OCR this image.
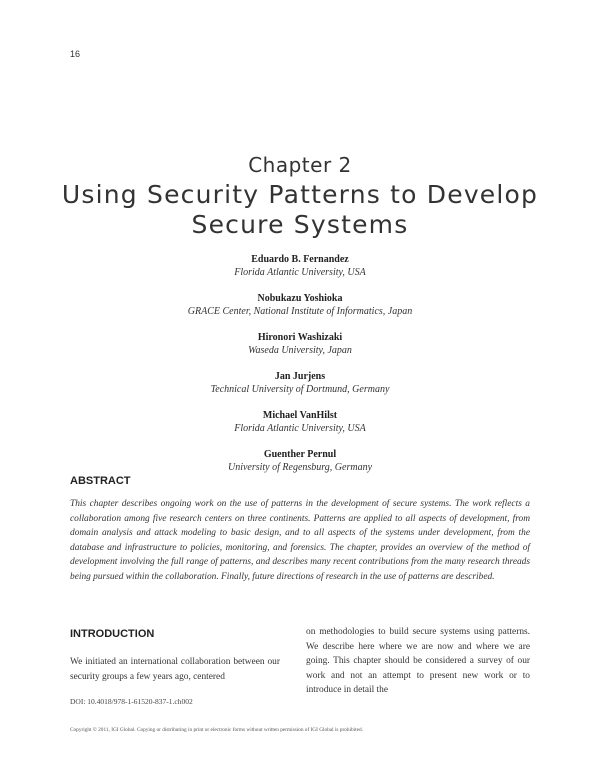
16
Chapter 2
Using Security Patterns to Develop Secure Systems
Eduardo B. Fernandez
Florida Atlantic University, USA
Nobukazu Yoshioka
GRACE Center, National Institute of Informatics, Japan
Hironori Washizaki
Waseda University, Japan
Jan Jurjens
Technical University of Dortmund, Germany
Michael VanHilst
Florida Atlantic University, USA
Guenther Pernul
University of Regensburg, Germany
ABSTRACT
This chapter describes ongoing work on the use of patterns in the development of secure systems. The work reflects a collaboration among five research centers on three continents. Patterns are applied to all aspects of development, from domain analysis and attack modeling to basic design, and to all aspects of the systems under development, from the database and infrastructure to policies, monitoring, and forensics. The chapter, provides an overview of the method of development involving the full range of patterns, and describes many recent contributions from the many research threads being pursued within the collaboration. Finally, future directions of research in the use of patterns are described.
INTRODUCTION
We initiated an international collaboration between our security groups a few years ago, centered
on methodologies to build secure systems using patterns. We describe here where we are now and where we are going. This chapter should be considered a survey of our work and not an attempt to present new work or to introduce in detail the
DOI: 10.4018/978-1-61520-837-1.ch002
Copyright © 2011, IGI Global. Copying or distributing in print or electronic forms without written permission of IGI Global is prohibited.
